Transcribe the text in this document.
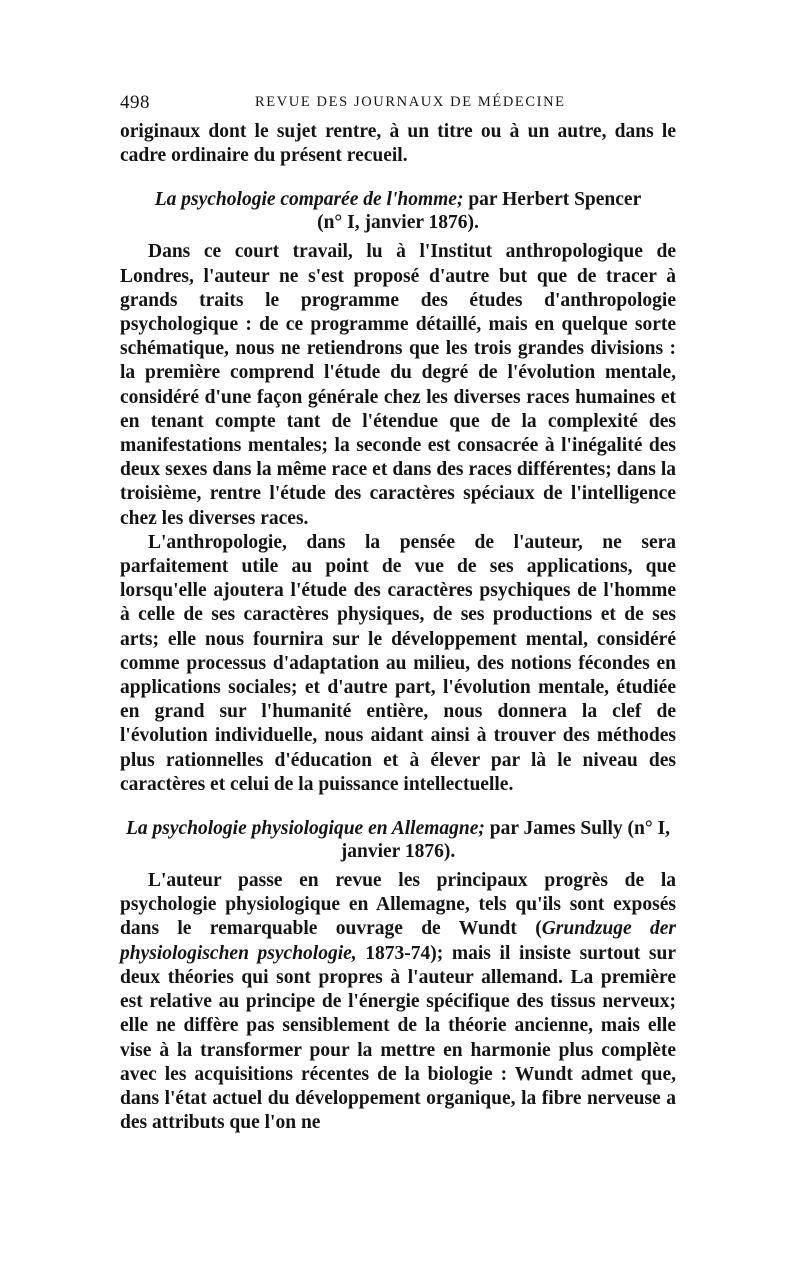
498	REVUE DES JOURNAUX DE MÉDECINE

originaux dont le sujet rentre, à un titre ou à un autre, dans le cadre ordinaire du présent recueil.

La psychologie comparée de l'homme; par Herbert Spencer
(n° I, janvier 1876).

Dans ce court travail, lu à l'Institut anthropologique de Londres, l'auteur ne s'est proposé d'autre but que de tracer à grands traits le programme des études d'anthropologie psychologique : de ce programme détaillé, mais en quelque sorte schématique, nous ne retiendrons que les trois grandes divisions : la première comprend l'étude du degré de l'évolution mentale, considéré d'une façon générale chez les diverses races humaines et en tenant compte tant de l'étendue que de la complexité des manifestations mentales; la seconde est consacrée à l'inégalité des deux sexes dans la même race et dans des races différentes; dans la troisième, rentre l'étude des caractères spéciaux de l'intelligence chez les diverses races.

L'anthropologie, dans la pensée de l'auteur, ne sera parfaitement utile au point de vue de ses applications, que lorsqu'elle ajoutera l'étude des caractères psychiques de l'homme à celle de ses caractères physiques, de ses productions et de ses arts; elle nous fournira sur le développement mental, considéré comme processus d'adaptation au milieu, des notions fécondes en applications sociales; et d'autre part, l'évolution mentale, étudiée en grand sur l'humanité entière, nous donnera la clef de l'évolution individuelle, nous aidant ainsi à trouver des méthodes plus rationnelles d'éducation et à élever par là le niveau des caractères et celui de la puissance intellectuelle.

La psychologie physiologique en Allemagne; par James Sully (n° I,
janvier 1876).

L'auteur passe en revue les principaux progrès de la psychologie physiologique en Allemagne, tels qu'ils sont exposés dans le remarquable ouvrage de Wundt (Grundzuge der physiologischen psychologie, 1873-74); mais il insiste surtout sur deux théories qui sont propres à l'auteur allemand. La première est relative au principe de l'énergie spécifique des tissus nerveux; elle ne diffère pas sensiblement de la théorie ancienne, mais elle vise à la transformer pour la mettre en harmonie plus complète avec les acquisitions récentes de la biologie : Wundt admet que, dans l'état actuel du développement organique, la fibre nerveuse a des attributs que l'on ne
